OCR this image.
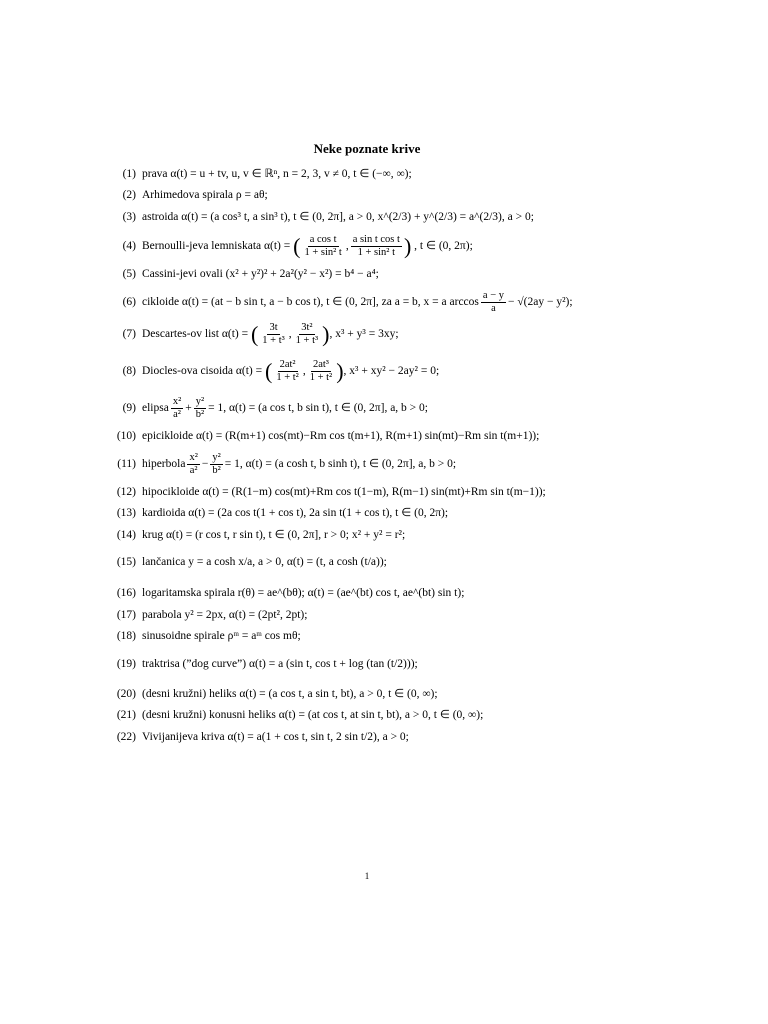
Neke poznate krive
(1) prava α(t) = u + tv, u, v ∈ ℝⁿ, n = 2, 3, v ≠ 0, t ∈ (−∞, ∞);
(2) Arhimedova spirala ρ = aθ;
(3) astroida α(t) = (a cos³ t, a sin³ t), t ∈ (0, 2π], a > 0, x^(2/3) + y^(2/3) = a^(2/3), a > 0;
(4) Bernoulli-jeva lemniskata α(t) = ( $\frac{\text{a cos t}}{\text{1 + sin² t}}$ , $\frac{\text{a sin t cos t}}{\text{1 + sin² t}}$ ) , t ∈ (0, 2π);
(5) Cassini-jevi ovali (x² + y²)² + 2a²(y² − x²) = b⁴ − a⁴;
(6) cikloide α(t) = (at − b sin t, a − b cos t), t ∈ (0, 2π], za a = b, x = a $\arccos \frac{a - y}{a} - √(2ay - y^2)$;
(7) Descartes-ov list α(t) = ( $\frac{3t}{\text{1 + t³}}$ , $\frac{\text{3t²}}{\text{1 + t³}}$ ), x³ + y³ = 3xy;
(8) Diocles-ova cisoida α(t) = ( $\frac{\text{2at²}}{\text{1 + t²}}$ , $\frac{\text{2at³}}{\text{1 + t²}}$ ), x³ + xy² − 2ay² = 0;
(9) elipsa $\frac{\text{x²}}{\text{a²}} + \frac{\text{y²}}{\text{b²}} = 1$, α(t) = (a cos t, b sin t), t ∈ (0, 2π], a, b > 0;
(10) epicikloide α(t) = (R(m+1) cos(mt)−Rm cos t(m+1), R(m+1) sin(mt)−Rm sin t(m+1));
(11) hiperbola $\frac{\text{x²}}{\text{a²}} - \frac{\text{y²}}{\text{b²}} = 1$, α(t) = (a cosh t, b sinh t), t ∈ (0, 2π], a, b > 0;
(12) hipocikloide α(t) = (R(1−m) cos(mt)+Rm cos t(1−m), R(m−1) sin(mt)+Rm sin t(m−1));
(13) kardioida α(t) = (2a cos t(1 + cos t), 2a sin t(1 + cos t), t ∈ (0, 2π);
(14) krug α(t) = (r cos t, r sin t), t ∈ (0, 2π], r > 0; x² + y² = r²;
(15) lančanica y = a cosh x/a, a > 0, α(t) = (t, a cosh (t/a));
(16) logaritamska spirala r(θ) = ae^(bθ); α(t) = (ae^(bt) cos t, ae^(bt) sin t);
(17) parabola y² = 2px, α(t) = (2pt², 2pt);
(18) sinusoidne spirale ρᵐ = aᵐ cos mθ;
(19) traktrisa (”dog curve”) α(t) = a (sin t, cos t + log (tan (t/2)));
(20) (desni kružni) heliks α(t) = (a cos t, a sin t, bt), a > 0, t ∈ (0, ∞);
(21) (desni kružni) konusni heliks α(t) = (at cos t, at sin t, bt), a > 0, t ∈ (0, ∞);
(22) Vivijanijeva kriva α(t) = a(1 + cos t, sin t, 2 sin t/2), a > 0;
1
